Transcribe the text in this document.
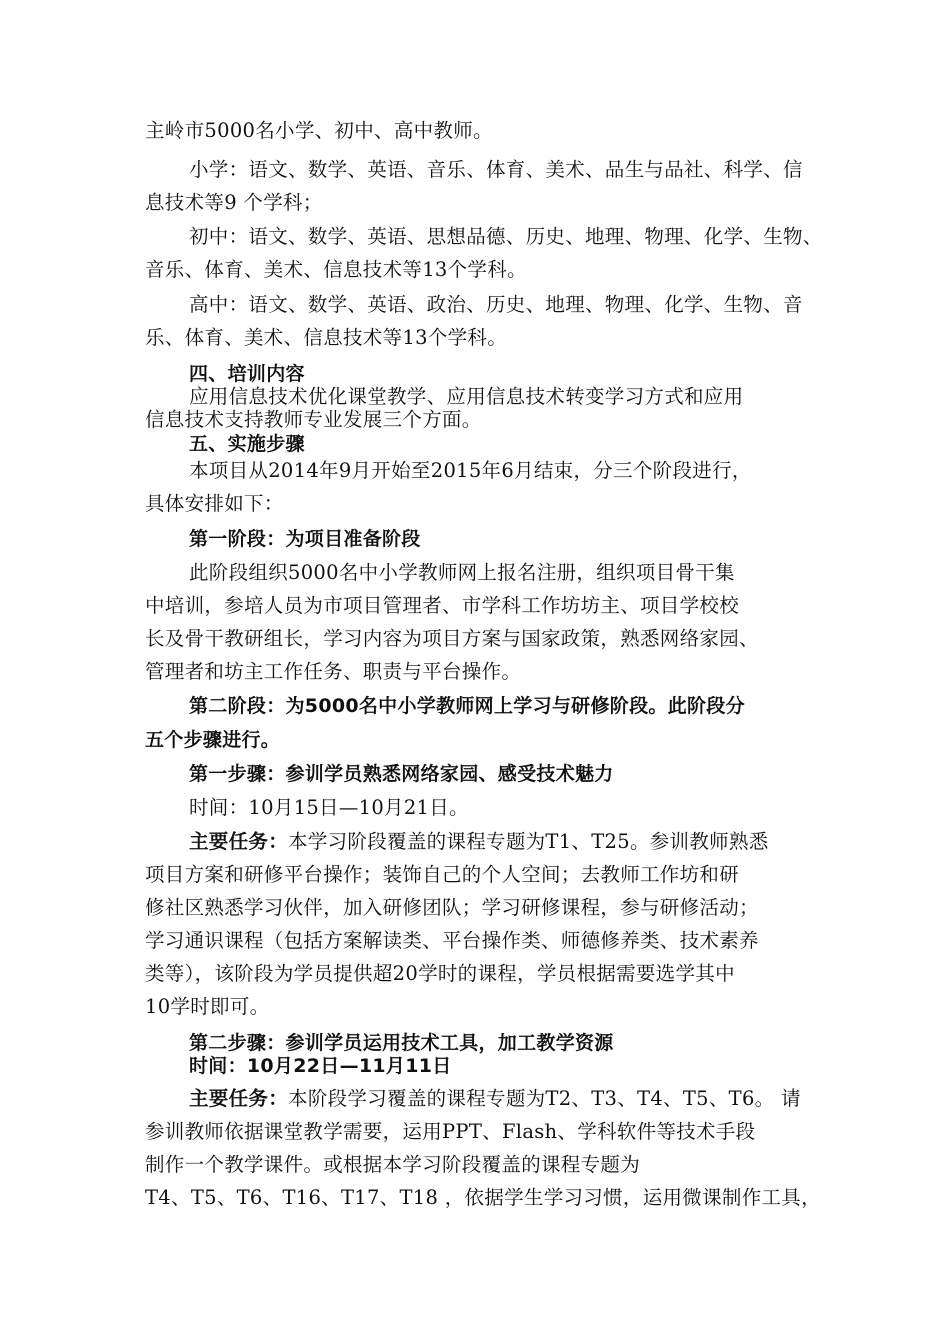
主岭市5000名小学、初中、高中教师。
小学：语文、数学、英语、音乐、体育、美术、品生与品社、科学、信
息技术等9 个学科；
初中：语文、数学、英语、思想品德、历史、地理、物理、化学、生物、
音乐、体育、美术、信息技术等13个学科。
高中：语文、数学、英语、政治、历史、地理、物理、化学、生物、音
乐、体育、美术、信息技术等13个学科。
四、培训内容
应用信息技术优化课堂教学、应用信息技术转变学习方式和应用
信息技术支持教师专业发展三个方面。
五、实施步骤
本项目从2014年9月开始至2015年6月结束，分三个阶段进行，
具体安排如下：
第一阶段：为项目准备阶段
此阶段组织5000名中小学教师网上报名注册，组织项目骨干集
中培训，参培人员为市项目管理者、市学科工作坊坊主、项目学校校
长及骨干教研组长，学习内容为项目方案与国家政策，熟悉网络家园、
管理者和坊主工作任务、职责与平台操作。
第二阶段：为5000名中小学教师网上学习与研修阶段。此阶段分
五个步骤进行。
第一步骤：参训学员熟悉网络家园、感受技术魅力
时间：10月15日—10月21日。
主要任务：本学习阶段覆盖的课程专题为T1、T25。参训教师熟悉
项目方案和研修平台操作；装饰自己的个人空间；去教师工作坊和研
修社区熟悉学习伙伴，加入研修团队；学习研修课程，参与研修活动；
学习通识课程（包括方案解读类、平台操作类、师德修养类、技术素养
类等），该阶段为学员提供超20学时的课程，学员根据需要选学其中
10学时即可。
第二步骤：参训学员运用技术工具，加工教学资源
时间：10月22日—11月11日
主要任务：本阶段学习覆盖的课程专题为T2、T3、T4、T5、T6。 请
参训教师依据课堂教学需要，运用PPT、Flash、学科软件等技术手段
制作一个教学课件。或根据本学习阶段覆盖的课程专题为
T4、T5、T6、T16、T17、T18 ，依据学生学习习惯，运用微课制作工具，
